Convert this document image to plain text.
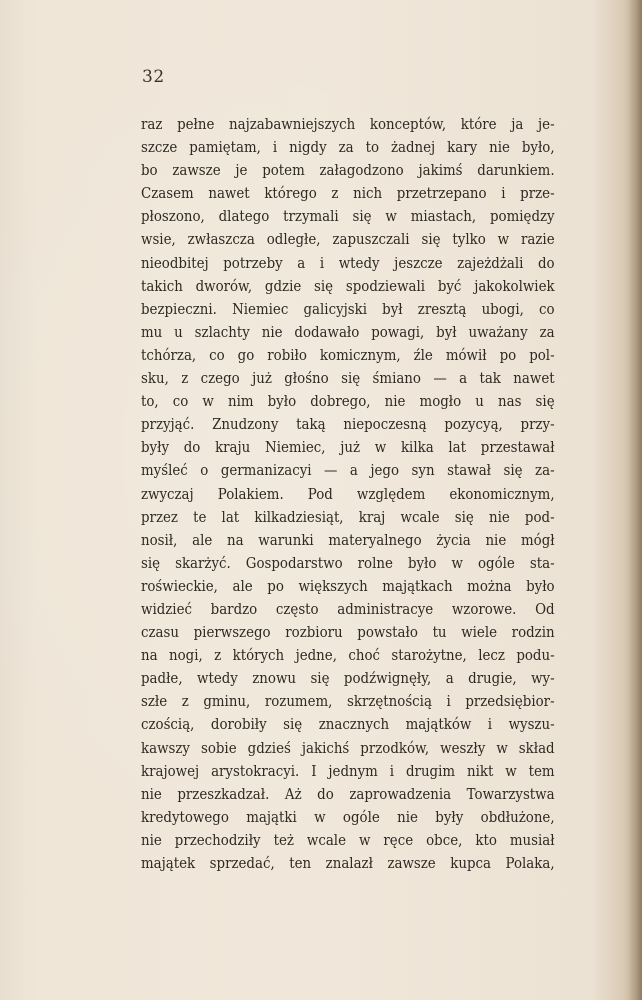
32
raz pełne najzabawniejszych konceptów, które ja je-
szcze pamiętam, i nigdy za to żadnej kary nie było,
bo zawsze je potem załagodzono jakimś darunkiem.
Czasem nawet którego z nich przetrzepano i prze-
płoszono, dlatego trzymali się w miastach, pomiędzy
wsie, zwłaszcza odległe, zapuszczali się tylko w razie
nieodbitej potrzeby a i wtedy jeszcze zajeżdżali do
takich dworów, gdzie się spodziewali być jakokolwiek
bezpieczni. Niemiec galicyjski był zresztą ubogi, co
mu u szlachty nie dodawało powagi, był uważany za
tchórza, co go robiło komicznym, źle mówił po pol-
sku, z czego już głośno się śmiano — a tak nawet
to, co w nim było dobrego, nie mogło u nas się
przyjąć. Znudzony taką niepoczesną pozycyą, przy-
były do kraju Niemiec, już w kilka lat przestawał
myśleć o germanizacyi — a jego syn stawał się za-
zwyczaj Polakiem. Pod względem ekonomicznym,
przez te lat kilkadziesiąt, kraj wcale się nie pod-
nosił, ale na warunki materyalnego życia nie mógł
się skarżyć. Gospodarstwo rolne było w ogóle sta-
roświeckie, ale po większych majątkach można było
widzieć bardzo często administracye wzorowe. Od
czasu pierwszego rozbioru powstało tu wiele rodzin
na nogi, z których jedne, choć starożytne, lecz podu-
padłe, wtedy znowu się podźwignęły, a drugie, wy-
szłe z gminu, rozumem, skrzętnością i przedsiębior-
czością, dorobiły się znacznych majątków i wyszu-
kawszy sobie gdzieś jakichś przodków, weszły w skład
krajowej arystokracyi. I jednym i drugim nikt w tem
nie przeszkadzał. Aż do zaprowadzenia Towarzystwa
kredytowego majątki w ogóle nie były obdłużone,
nie przechodziły też wcale w ręce obce, kto musiał
majątek sprzedać, ten znalazł zawsze kupca Polaka,
